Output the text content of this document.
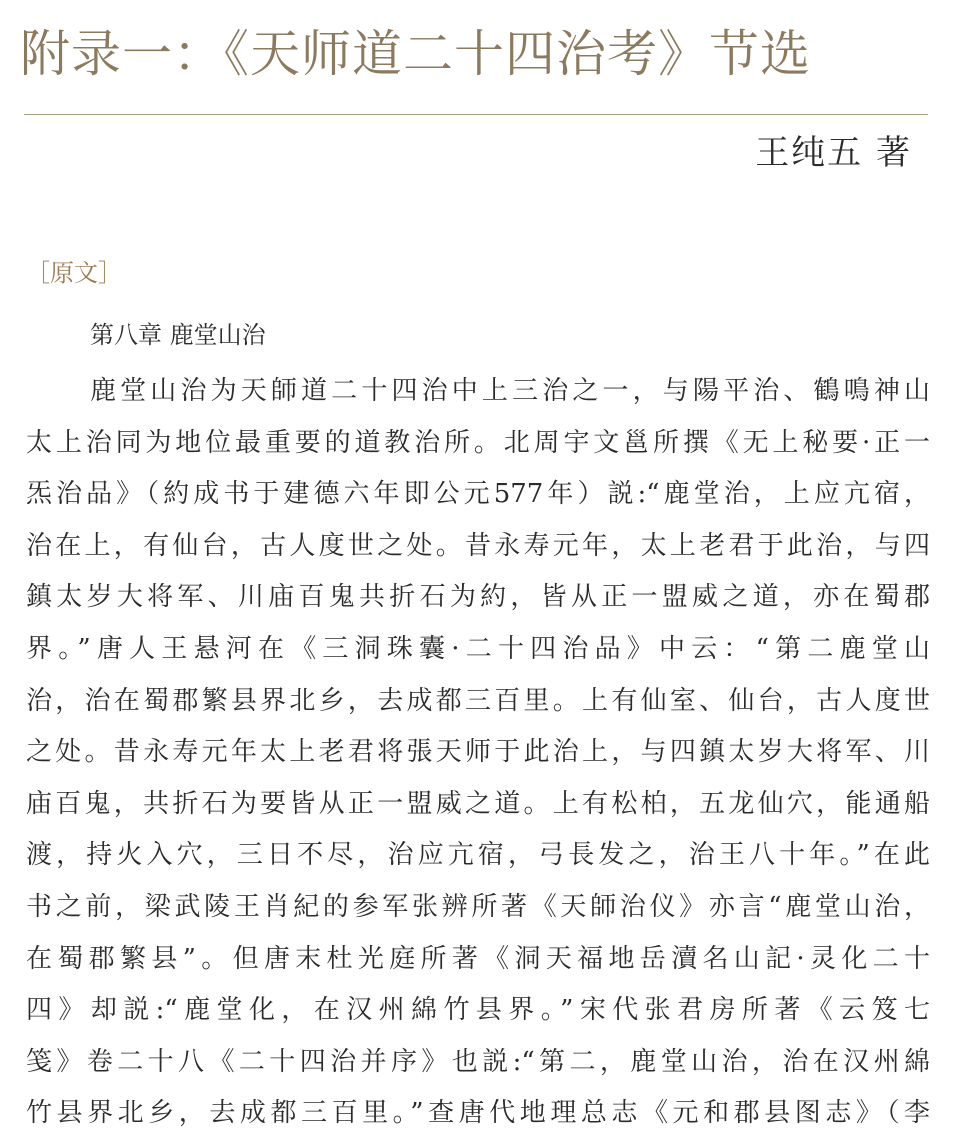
附录一：《天师道二十四治考》节选
王纯五 著
［原文］
第八章 鹿堂山治
鹿堂山治为天師道二十四治中上三治之一，与陽平治、鶴鳴神山
太上治同为地位最重要的道教治所。北周宇文邕所撰《无上秘要·正一
炁治品》（約成书于建德六年即公元577年）説:“鹿堂治，上应亢宿，
治在上，有仙台，古人度世之处。昔永寿元年，太上老君于此治，与四
鎮太岁大将军、川庙百鬼共折石为約，皆从正一盟威之道，亦在蜀郡
界。”唐人王悬河在《三洞珠囊·二十四治品》中云：“第二鹿堂山
治，治在蜀郡繁县界北乡，去成都三百里。上有仙室、仙台，古人度世
之处。昔永寿元年太上老君将張天师于此治上，与四鎮太岁大将军、川
庙百鬼，共折石为要皆从正一盟威之道。上有松柏，五龙仙穴，能通船
渡，持火入穴，三日不尽，治应亢宿，弓長发之，治王八十年。”在此
书之前，梁武陵王肖紀的参军张辨所著《天師治仪》亦言“鹿堂山治，
在蜀郡繁县”。但唐末杜光庭所著《洞天福地岳瀆名山記·灵化二十
四》却説:“鹿堂化，在汉州綿竹县界。”宋代张君房所著《云笈七
笺》卷二十八《二十四治并序》也説:“第二，鹿堂山治，治在汉州綿
竹县界北乡，去成都三百里。”查唐代地理总志《元和郡县图志》（李
